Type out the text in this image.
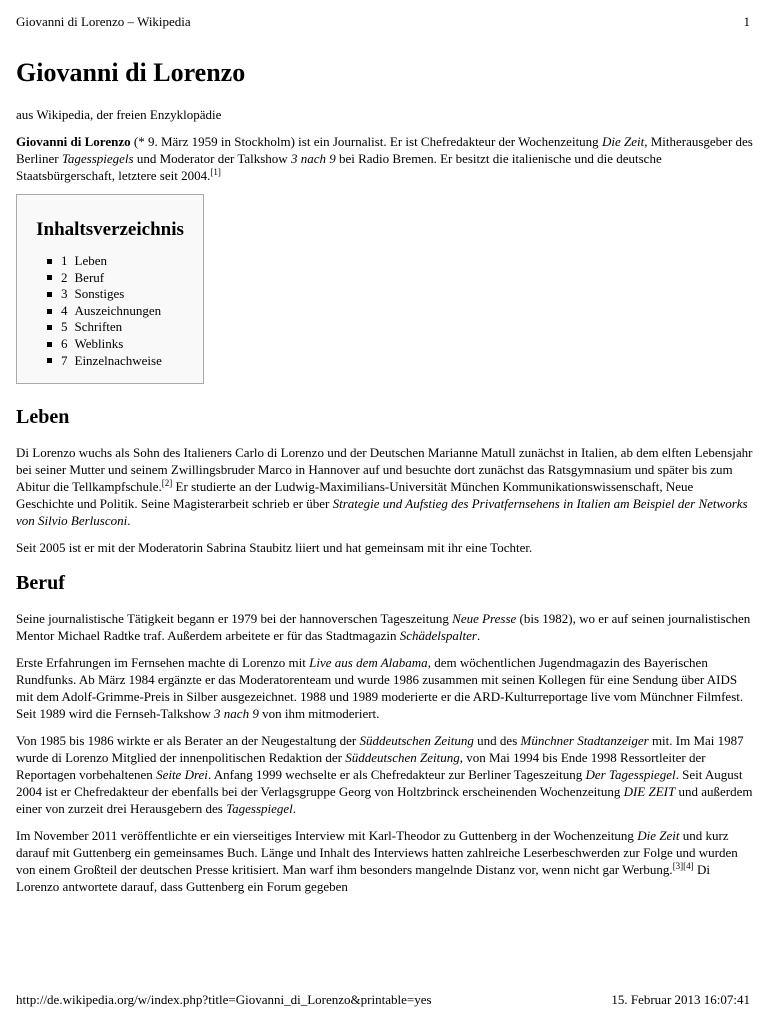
Giovanni di Lorenzo – Wikipedia	1
Giovanni di Lorenzo

aus Wikipedia, der freien Enzyklopädie

Giovanni di Lorenzo (* 9. März 1959 in Stockholm) ist ein Journalist. Er ist Chefredakteur der Wochenzeitung Die Zeit, Mitherausgeber des Berliner Tagesspiegels und Moderator der Talkshow 3 nach 9 bei Radio Bremen. Er besitzt die italienische und die deutsche Staatsbürgerschaft, letztere seit 2004.[1]

Inhaltsverzeichnis
1 Leben
2 Beruf
3 Sonstiges
4 Auszeichnungen
5 Schriften
6 Weblinks
7 Einzelnachweise
Leben

Di Lorenzo wuchs als Sohn des Italieners Carlo di Lorenzo und der Deutschen Marianne Matull zunächst in Italien, ab dem elften Lebensjahr bei seiner Mutter und seinem Zwillingsbruder Marco in Hannover auf und besuchte dort zunächst das Ratsgymnasium und später bis zum Abitur die Tellkampfschule.[2] Er studierte an der Ludwig-Maximilians-Universität München Kommunikationswissenschaft, Neue Geschichte und Politik. Seine Magisterarbeit schrieb er über Strategie und Aufstieg des Privatfernsehens in Italien am Beispiel der Networks von Silvio Berlusconi.

Seit 2005 ist er mit der Moderatorin Sabrina Staubitz liiert und hat gemeinsam mit ihr eine Tochter.

Beruf

Seine journalistische Tätigkeit begann er 1979 bei der hannoverschen Tageszeitung Neue Presse (bis 1982), wo er auf seinen journalistischen Mentor Michael Radtke traf. Außerdem arbeitete er für das Stadtmagazin Schädelspalter.

Erste Erfahrungen im Fernsehen machte di Lorenzo mit Live aus dem Alabama, dem wöchentlichen Jugendmagazin des Bayerischen Rundfunks. Ab März 1984 ergänzte er das Moderatorenteam und wurde 1986 zusammen mit seinen Kollegen für eine Sendung über AIDS mit dem Adolf-Grimme-Preis in Silber ausgezeichnet. 1988 und 1989 moderierte er die ARD-Kulturreportage live vom Münchner Filmfest. Seit 1989 wird die Fernseh-Talkshow 3 nach 9 von ihm mitmoderiert.

Von 1985 bis 1986 wirkte er als Berater an der Neugestaltung der Süddeutschen Zeitung und des Münchner Stadtanzeiger mit. Im Mai 1987 wurde di Lorenzo Mitglied der innenpolitischen Redaktion der Süddeutschen Zeitung, von Mai 1994 bis Ende 1998 Ressortleiter der Reportagen vorbehaltenen Seite Drei. Anfang 1999 wechselte er als Chefredakteur zur Berliner Tageszeitung Der Tagesspiegel. Seit August 2004 ist er Chefredakteur der ebenfalls bei der Verlagsgruppe Georg von Holtzbrinck erscheinenden Wochenzeitung DIE ZEIT und außerdem einer von zurzeit drei Herausgebern des Tagesspiegel.

Im November 2011 veröffentlichte er ein vierseitiges Interview mit Karl-Theodor zu Guttenberg in der Wochenzeitung Die Zeit und kurz darauf mit Guttenberg ein gemeinsames Buch. Länge und Inhalt des Interviews hatten zahlreiche Leserbeschwerden zur Folge und wurden von einem Großteil der deutschen Presse kritisiert. Man warf ihm besonders mangelnde Distanz vor, wenn nicht gar Werbung.[3][4] Di Lorenzo antwortete darauf, dass Guttenberg ein Forum gegeben

http://de.wikipedia.org/w/index.php?title=Giovanni_di_Lorenzo&printable=yes	15. Februar 2013 16:07:41
